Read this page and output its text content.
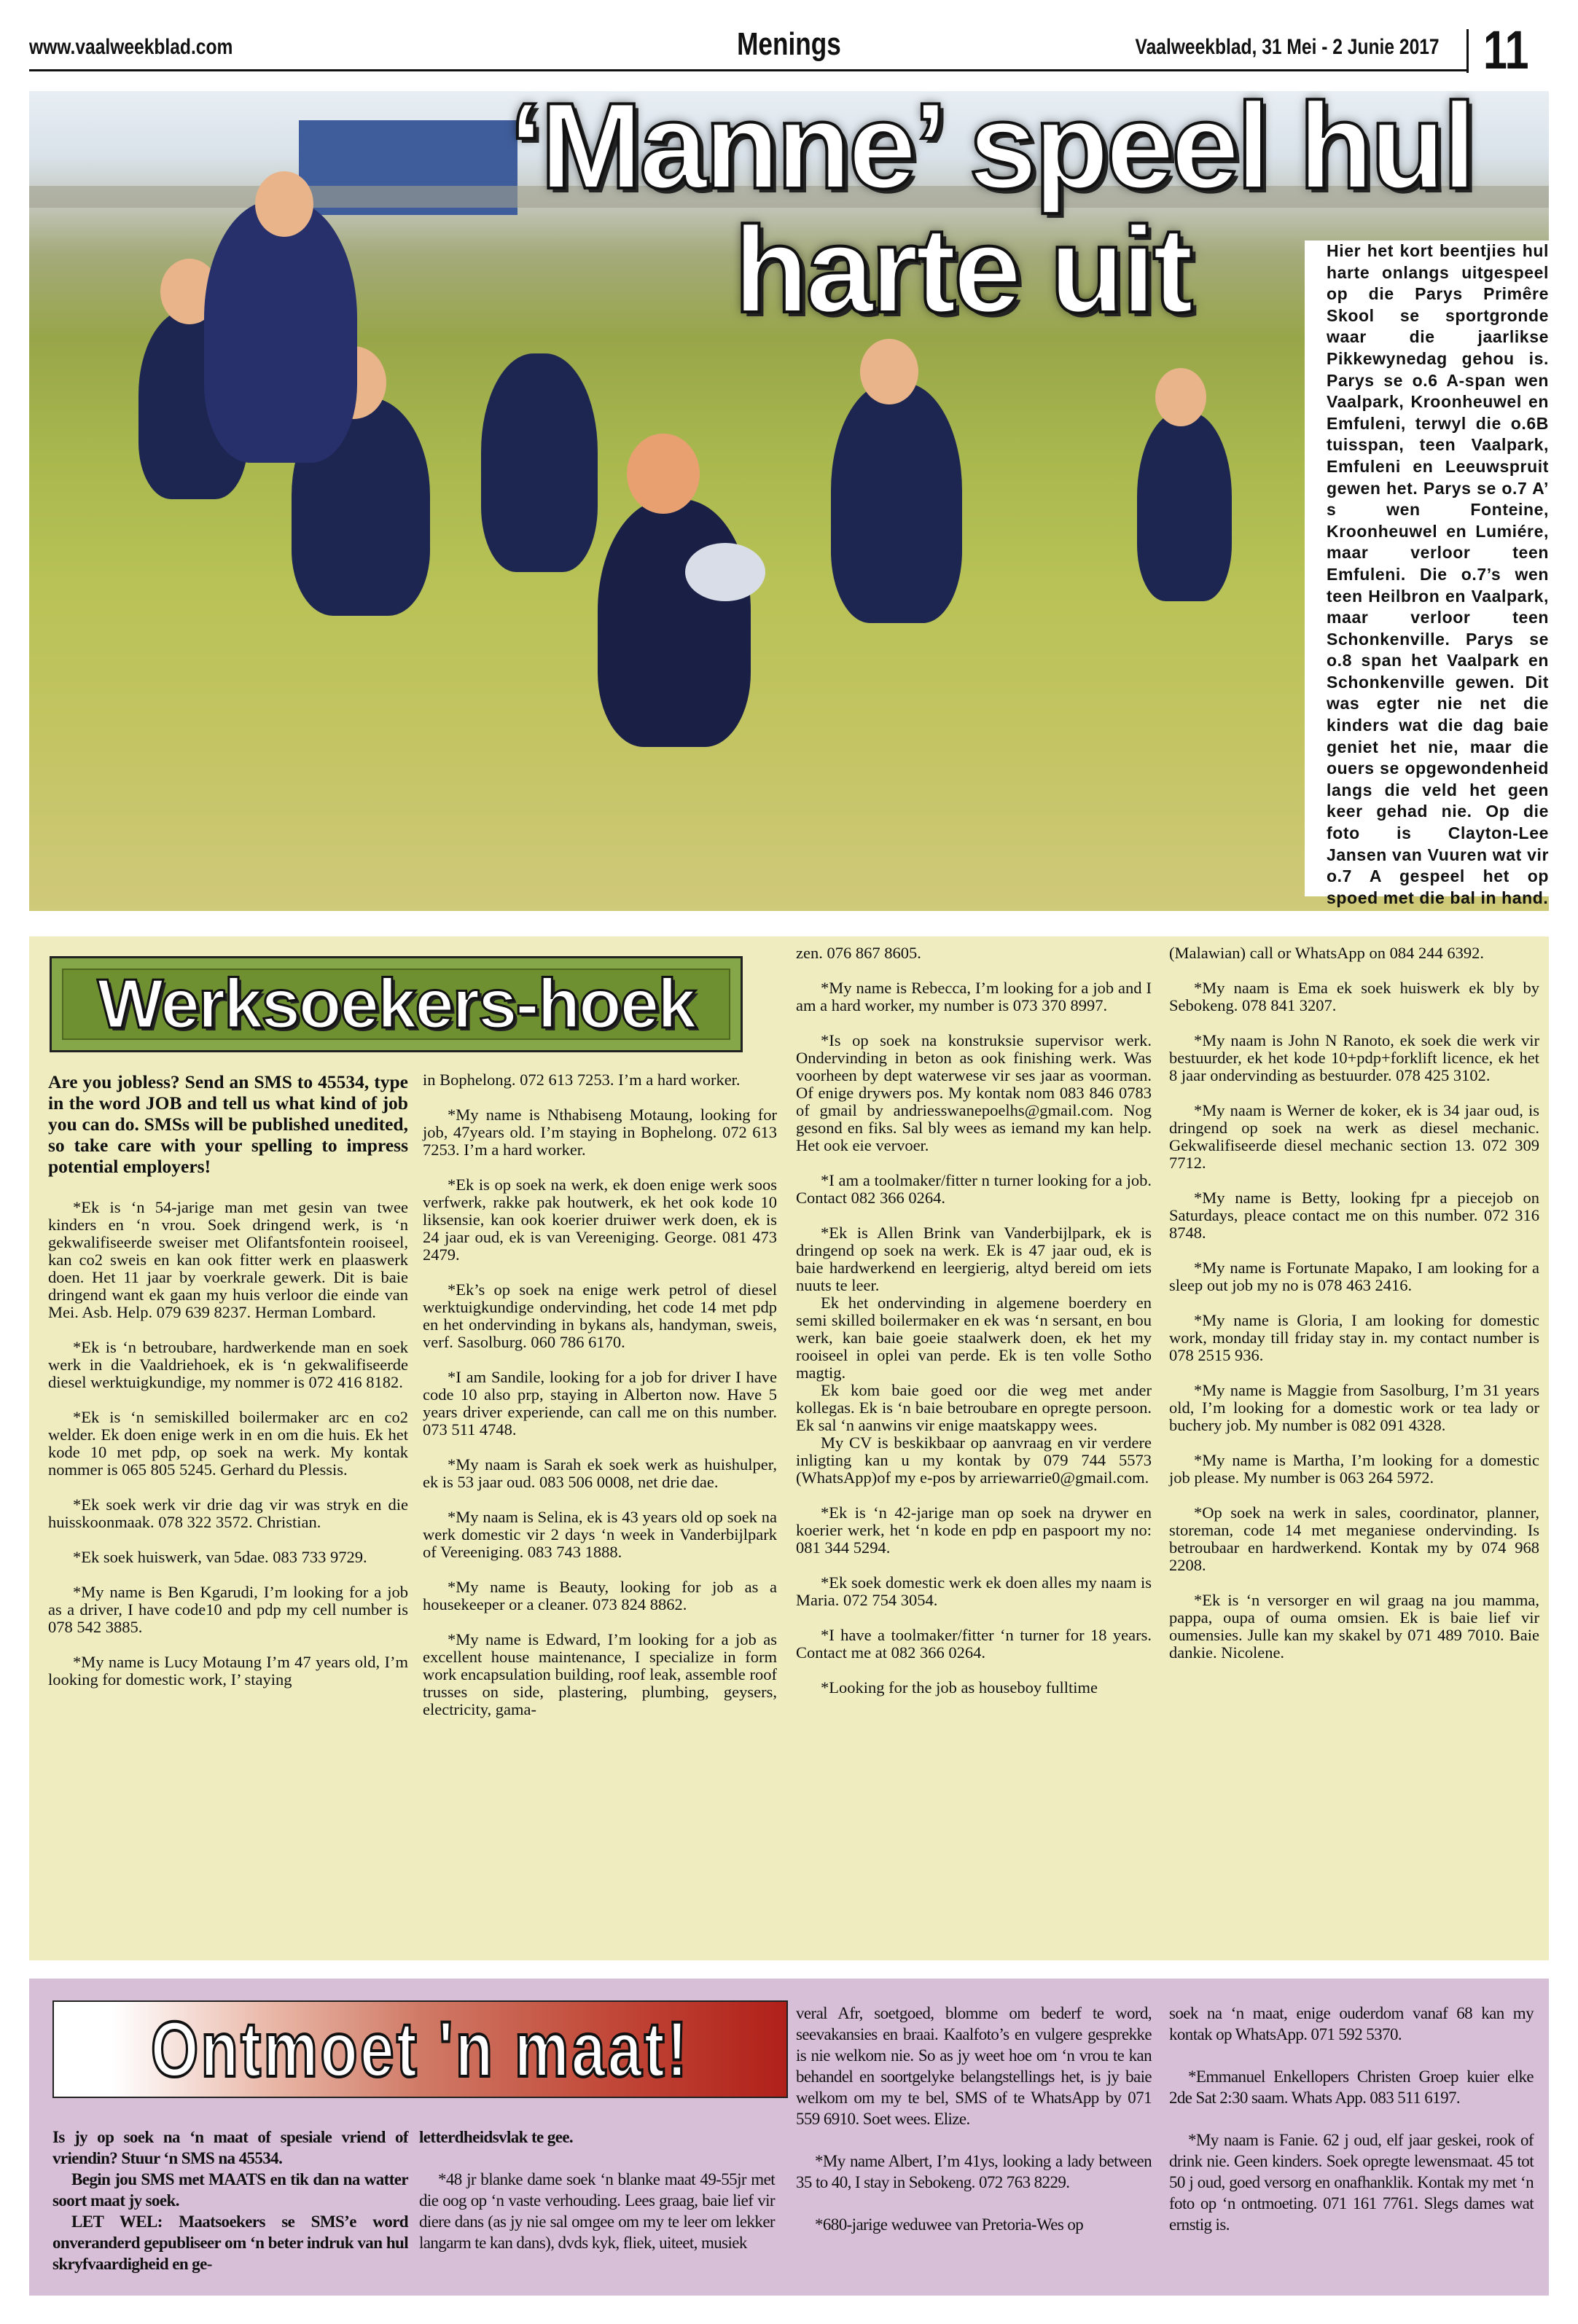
www.vaalweekblad.com	Menings	Vaalweekblad, 31 Mei - 2 Junie 2017 11
‘Manne’ speel hul
harte uit	Hier het kort beentjies hul harte onlangs uitgespeel op die Parys Primêre Skool se sportgronde waar die jaarlikse Pikkewynedag gehou is. Parys se o.6 A-span wen Vaalpark, Kroonheuwel en Emfuleni, terwyl die o.6B tuisspan, teen Vaalpark, Emfuleni en Leeuwspruit gewen het. Parys se o.7 A’ s wen Fonteine, Kroonheuwel en Lumiére, maar verloor teen Emfuleni. Die o.7’s wen teen Heilbron en Vaalpark, maar verloor teen Schonkenville. Parys se o.8 span het Vaalpark en Schonkenville gewen. Dit was egter nie net die kinders wat die dag baie geniet het nie, maar die ouers se opgewondenheid langs die veld het geen keer gehad nie. Op die foto is Clayton-Lee Jansen van Vuuren wat vir o.7 A gespeel het op spoed met die bal in hand.

Werksoekers-hoek

Are you jobless? Send an SMS to 45534, type in the word JOB and tell us what kind of job you can do. SMSs will be published unedited, so take care with your spelling to impress potential employers!

*Ek is ‘n 54-jarige man met gesin van twee kinders en ‘n vrou. Soek dringend werk, is ‘n gekwalifiseerde sweiser met Olifantsfontein rooiseel, kan co2 sweis en kan ook fitter werk en plaaswerk doen. Het 11 jaar by voerkrale gewerk. Dit is baie dringend want ek gaan my huis verloor die einde van Mei. Asb. Help. 079 639 8237. Herman Lombard.

*Ek is ‘n betroubare, hardwerkende man en soek werk in die Vaaldriehoek, ek is ‘n gekwalifiseerde diesel werktuigkundige, my nommer is 072 416 8182.

*Ek is ‘n semiskilled boilermaker arc en co2 welder. Ek doen enige werk in en om die huis. Ek het kode 10 met pdp, op soek na werk. My kontak nommer is 065 805 5245. Gerhard du Plessis.

*Ek soek werk vir drie dag vir was stryk en die huisskoonmaak. 078 322 3572. Christian.

*Ek soek huiswerk, van 5dae. 083 733 9729.

*My name is Ben Kgarudi, I’m looking for a job as a driver, I have code10 and pdp my cell number is 078 542 3885.

*My name is Lucy Motaung I’m 47 years old, I’m looking for domestic work, I’ staying

in Bophelong. 072 613 7253. I’m a hard worker.

*My name is Nthabiseng Motaung, looking for job, 47years old. I’m staying in Bophelong. 072 613 7253. I’m a hard worker.

*Ek is op soek na werk, ek doen enige werk soos verfwerk, rakke pak houtwerk, ek het ook kode 10 liksensie, kan ook koerier druiwer werk doen, ek is 24 jaar oud, ek is van Vereeniging. George. 081 473 2479.

*Ek’s op soek na enige werk petrol of diesel werktuigkundige ondervinding, het code 14 met pdp en het ondervinding in bykans als, handyman, sweis, verf. Sasolburg. 060 786 6170.

*I am Sandile, looking for a job for driver I have code 10 also prp, staying in Alberton now. Have 5 years driver experiende, can call me on this number. 073 511 4748.

*My naam is Sarah ek soek werk as huishulper, ek is 53 jaar oud. 083 506 0008, net drie dae.

*My naam is Selina, ek is 43 years old op soek na werk domestic vir 2 days ‘n week in Vanderbijlpark of Vereeniging. 083 743 1888.

*My name is Beauty, looking for job as a housekeeper or a cleaner. 073 824 8862.

*My name is Edward, I’m looking for a job as excellent house maintenance, I specialize in form work encapsulation building, roof leak, assemble roof trusses on side, plastering, plumbing, geysers, electricity, gama-

zen. 076 867 8605.

*My name is Rebecca, I’m looking for a job and I am a hard worker, my number is 073 370 8997.

*Is op soek na konstruksie supervisor werk. Ondervinding in beton as ook finishing werk. Was voorheen by dept waterwese vir ses jaar as voorman. Of enige drywers pos. My kontak nom 083 846 0783 of gmail by andriesswanepoelhs@gmail.com. Nog gesond en fiks. Sal bly wees as iemand my kan help. Het ook eie vervoer.

*I am a toolmaker/fitter n turner looking for a job. Contact 082 366 0264.

*Ek is Allen Brink van Vanderbijlpark, ek is dringend op soek na werk. Ek is 47 jaar oud, ek is baie hardwerkend en leergierig, altyd bereid om iets nuuts te leer.

Ek het ondervinding in algemene boerdery en semi skilled boilermaker en ek was ‘n sersant, en bou werk, kan baie goeie staalwerk doen, ek het my rooiseel in oplei van perde. Ek is ten volle Sotho magtig.

Ek kom baie goed oor die weg met ander kollegas. Ek is ‘n baie betroubare en opregte persoon. Ek sal ‘n aanwins vir enige maatskappy wees.

My CV is beskikbaar op aanvraag en vir verdere inligting kan u my kontak by 079 744 5573 (WhatsApp)of my e-pos by arriewarrie0@gmail.com.

*Ek is ‘n 42-jarige man op soek na drywer en koerier werk, het ‘n kode en pdp en paspoort my no: 081 344 5294.

*Ek soek domestic werk ek doen alles my naam is Maria. 072 754 3054.

*I have a toolmaker/fitter ‘n turner for 18 years. Contact me at 082 366 0264.

*Looking for the job as houseboy fulltime

(Malawian) call or WhatsApp on 084 244 6392.

*My naam is Ema ek soek huiswerk ek bly by Sebokeng. 078 841 3207.

*My naam is John N Ranoto, ek soek die werk vir bestuurder, ek het kode 10+pdp+forklift licence, ek het 8 jaar ondervinding as bestuurder. 078 425 3102.

*My naam is Werner de koker, ek is 34 jaar oud, is dringend op soek na werk as diesel mechanic. Gekwalifiseerde diesel mechanic section 13. 072 309 7712.

*My name is Betty, looking fpr a piecejob on Saturdays, pleace contact me on this number. 072 316 8748.

*My name is Fortunate Mapako, I am looking for a sleep out job my no is 078 463 2416.

*My name is Gloria, I am looking for domestic work, monday till friday stay in. my contact number is 078 2515 936.

*My name is Maggie from Sasolburg, I’m 31 years old, I’m looking for a domestic work or tea lady or buchery job. My number is 082 091 4328.

*My name is Martha, I’m looking for a domestic job please. My number is 063 264 5972.

*Op soek na werk in sales, coordinator, planner, storeman, code 14 met meganiese ondervinding. Is betroubaar en hardwerkend. Kontak my by 074 968 2208.

*Ek is ‘n versorger en wil graag na jou mamma, pappa, oupa of ouma omsien. Ek is baie lief vir oumensies. Julle kan my skakel by 071 489 7010. Baie dankie. Nicolene.

Ontmoet 'n maat!

Is jy op soek na ‘n maat of spesiale vriend of vriendin? Stuur ‘n SMS na 45534.

Begin jou SMS met MAATS en tik dan na watter soort maat jy soek.

LET WEL: Maatsoekers se SMS’e word onveranderd gepubliseer om ‘n beter indruk van hul skryfvaardigheid en ge-

letterdheidsvlak te gee.

*48 jr blanke dame soek ‘n blanke maat 49-55jr met die oog op ‘n vaste verhouding. Lees graag, baie lief vir diere dans (as jy nie sal omgee om my te leer om lekker langarm te kan dans), dvds kyk, fliek, uiteet, musiek

veral Afr, soetgoed, blomme om bederf te word, seevakansies en braai. Kaalfoto’s en vulgere gesprekke is nie welkom nie. So as jy weet hoe om ‘n vrou te kan behandel en soortgelyke belangstellings het, is jy baie welkom om my te bel, SMS of te WhatsApp by 071 559 6910. Soet wees. Elize.

*My name Albert, I’m 41ys, looking a lady between 35 to 40, I stay in Sebokeng. 072 763 8229.

*680-jarige weduwee van Pretoria-Wes op

soek na ‘n maat, enige ouderdom vanaf 68 kan my kontak op WhatsApp. 071 592 5370.

*Emmanuel Enkellopers Christen Groep kuier elke 2de Sat 2:30 saam. Whats App. 083 511 6197.

*My naam is Fanie. 62 j oud, elf jaar geskei, rook of drink nie. Geen kinders. Soek opregte lewensmaat. 45 tot 50 j oud, goed versorg en onafhanklik. Kontak my met ‘n foto op ‘n ontmoeting. 071 161 7761. Slegs dames wat ernstig is.
